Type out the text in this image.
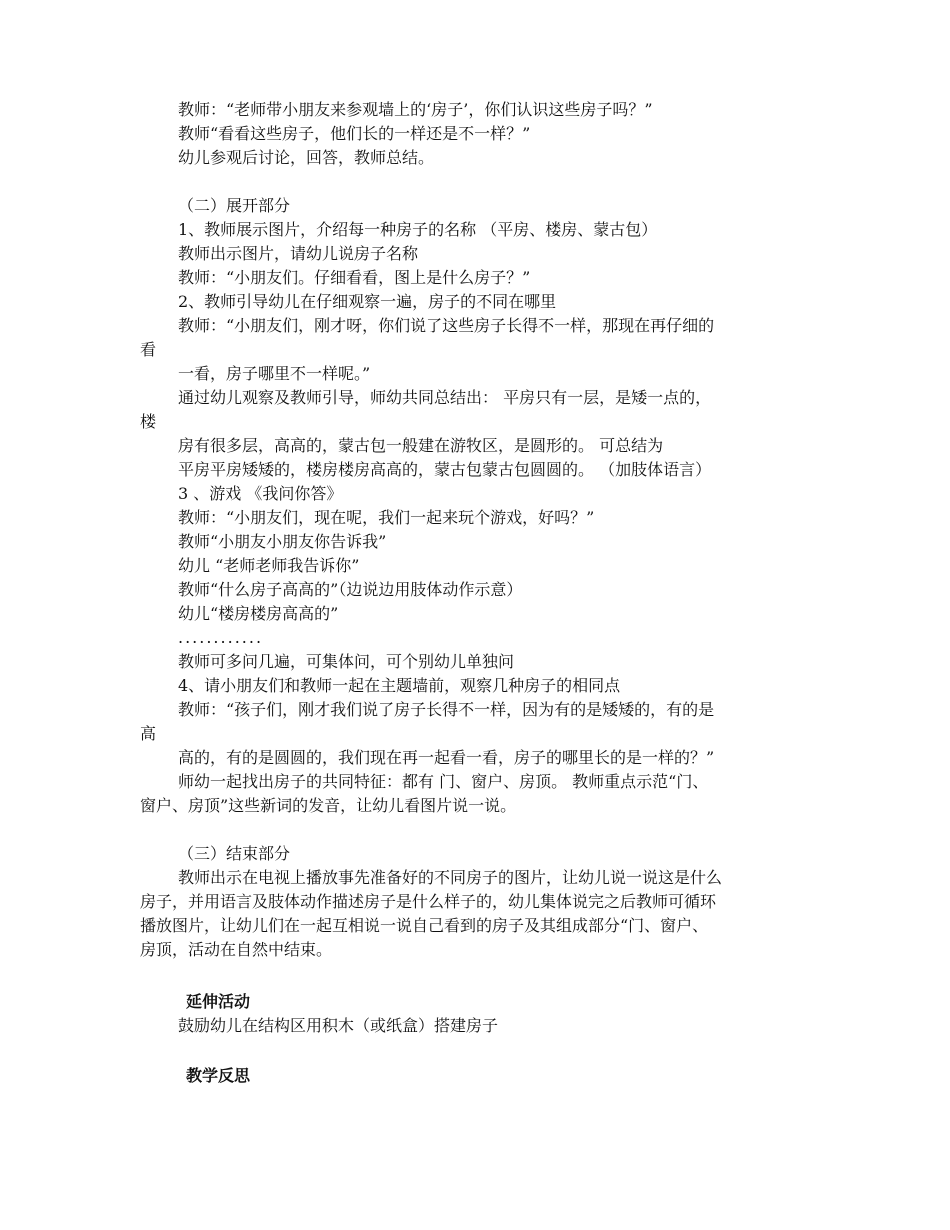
教师：“老师带小朋友来参观墙上的‘房子’，你们认识这些房子吗？”
教师“看看这些房子，他们长的一样还是不一样？”
幼儿参观后讨论，回答，教师总结。
（二）展开部分
1、教师展示图片，介绍每一种房子的名称 （平房、楼房、蒙古包）
教师出示图片，请幼儿说房子名称
教师：“小朋友们。仔细看看，图上是什么房子？”
2、教师引导幼儿在仔细观察一遍，房子的不同在哪里
教师：“小朋友们，刚才呀，你们说了这些房子长得不一样，那现在再仔细的
看
一看，房子哪里不一样呢。”
通过幼儿观察及教师引导，师幼共同总结出： 平房只有一层，是矮一点的，
楼
房有很多层，高高的，蒙古包一般建在游牧区，是圆形的。 可总结为
平房平房矮矮的，楼房楼房高高的，蒙古包蒙古包圆圆的。 （加肢体语言）
3 、游戏 《我问你答》
教师：“小朋友们，现在呢，我们一起来玩个游戏，好吗？”
教师“小朋友小朋友你告诉我”
幼儿 “老师老师我告诉你”
教师“什么房子高高的”（边说边用肢体动作示意）
幼儿“楼房楼房高高的”
............
教师可多问几遍，可集体问，可个别幼儿单独问
4、请小朋友们和教师一起在主题墙前，观察几种房子的相同点
教师：“孩子们，刚才我们说了房子长得不一样，因为有的是矮矮的，有的是
高
高的，有的是圆圆的，我们现在再一起看一看，房子的哪里长的是一样的？”
师幼一起找出房子的共同特征：都有 门、窗户、房顶。 教师重点示范“门、
窗户、房顶”这些新词的发音，让幼儿看图片说一说。
（三）结束部分
教师出示在电视上播放事先准备好的不同房子的图片，让幼儿说一说这是什么
房子，并用语言及肢体动作描述房子是什么样子的，幼儿集体说完之后教师可循环
播放图片，让幼儿们在一起互相说一说自己看到的房子及其组成部分“门、窗户、
房顶，活动在自然中结束。
延伸活动
鼓励幼儿在结构区用积木（或纸盒）搭建房子
教学反思
